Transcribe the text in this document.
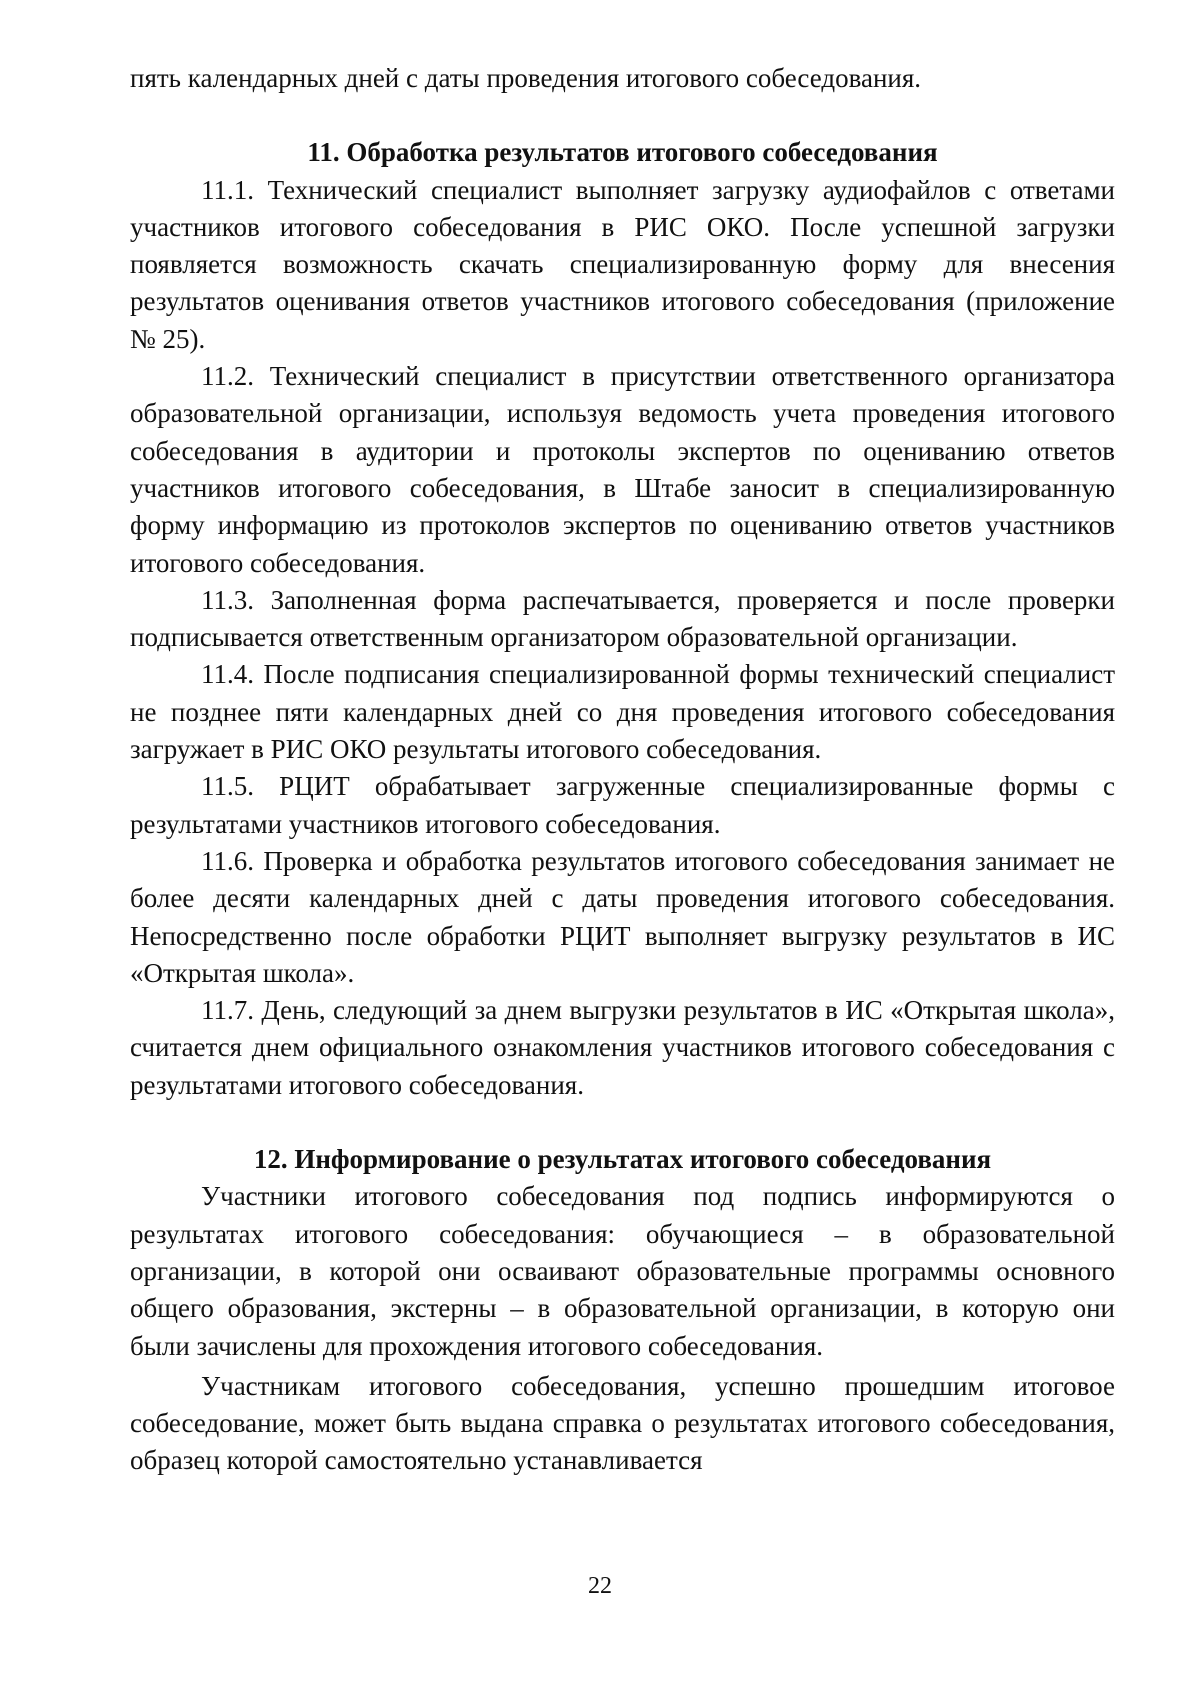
пять календарных дней с даты проведения итогового собеседования.

11. Обработка результатов итогового собеседования

11.1. Технический специалист выполняет загрузку аудиофайлов с ответами участников итогового собеседования в РИС ОКО. После успешной загрузки появляется возможность скачать специализированную форму для внесения результатов оценивания ответов участников итогового собеседования (приложение № 25).

11.2. Технический специалист в присутствии ответственного организатора образовательной организации, используя ведомость учета проведения итогового собеседования в аудитории и протоколы экспертов по оцениванию ответов участников итогового собеседования, в Штабе заносит в специализированную форму информацию из протоколов экспертов по оцениванию ответов участников итогового собеседования.

11.3. Заполненная форма распечатывается, проверяется и после проверки подписывается ответственным организатором образовательной организации.

11.4. После подписания специализированной формы технический специалист не позднее пяти календарных дней со дня проведения итогового собеседования загружает в РИС ОКО результаты итогового собеседования.

11.5. РЦИТ обрабатывает загруженные специализированные формы с результатами участников итогового собеседования.

11.6. Проверка и обработка результатов итогового собеседования занимает не более десяти календарных дней с даты проведения итогового собеседования. Непосредственно после обработки РЦИТ выполняет выгрузку результатов в ИС «Открытая школа».

11.7. День, следующий за днем выгрузки результатов в ИС «Открытая школа», считается днем официального ознакомления участников итогового собеседования с результатами итогового собеседования.

12. Информирование о результатах итогового собеседования

Участники итогового собеседования под подпись информируются о результатах итогового собеседования: обучающиеся – в образовательной организации, в которой они осваивают образовательные программы основного общего образования, экстерны – в образовательной организации, в которую они были зачислены для прохождения итогового собеседования.

Участникам итогового собеседования, успешно прошедшим итоговое собеседование, может быть выдана справка о результатах итогового собеседования, образец которой самостоятельно устанавливается

22
